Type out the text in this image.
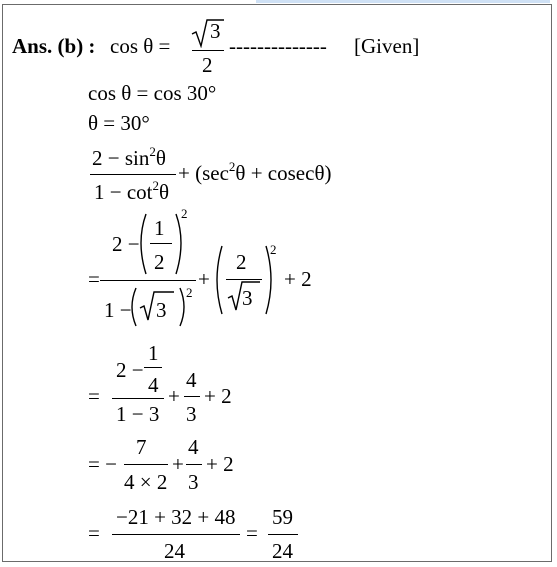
Ans. (b) : cos θ =
3
2
-------------- [Given]
cos θ = cos 30°
θ = 30°
$2 - \sin^2\theta$
$1 - \cot^2\theta$
+ $(\sec^2\theta + cosec\theta)$
=
2 −
1
2
2
1 − 3
2
+
2
3
2
+ 2
=
2 −
1
4
1 − 3
+
4
3
+ 2
= −
7
4 × 2
+
4
3
+ 2
=
−21 + 32 + 48
24
=
59
24
